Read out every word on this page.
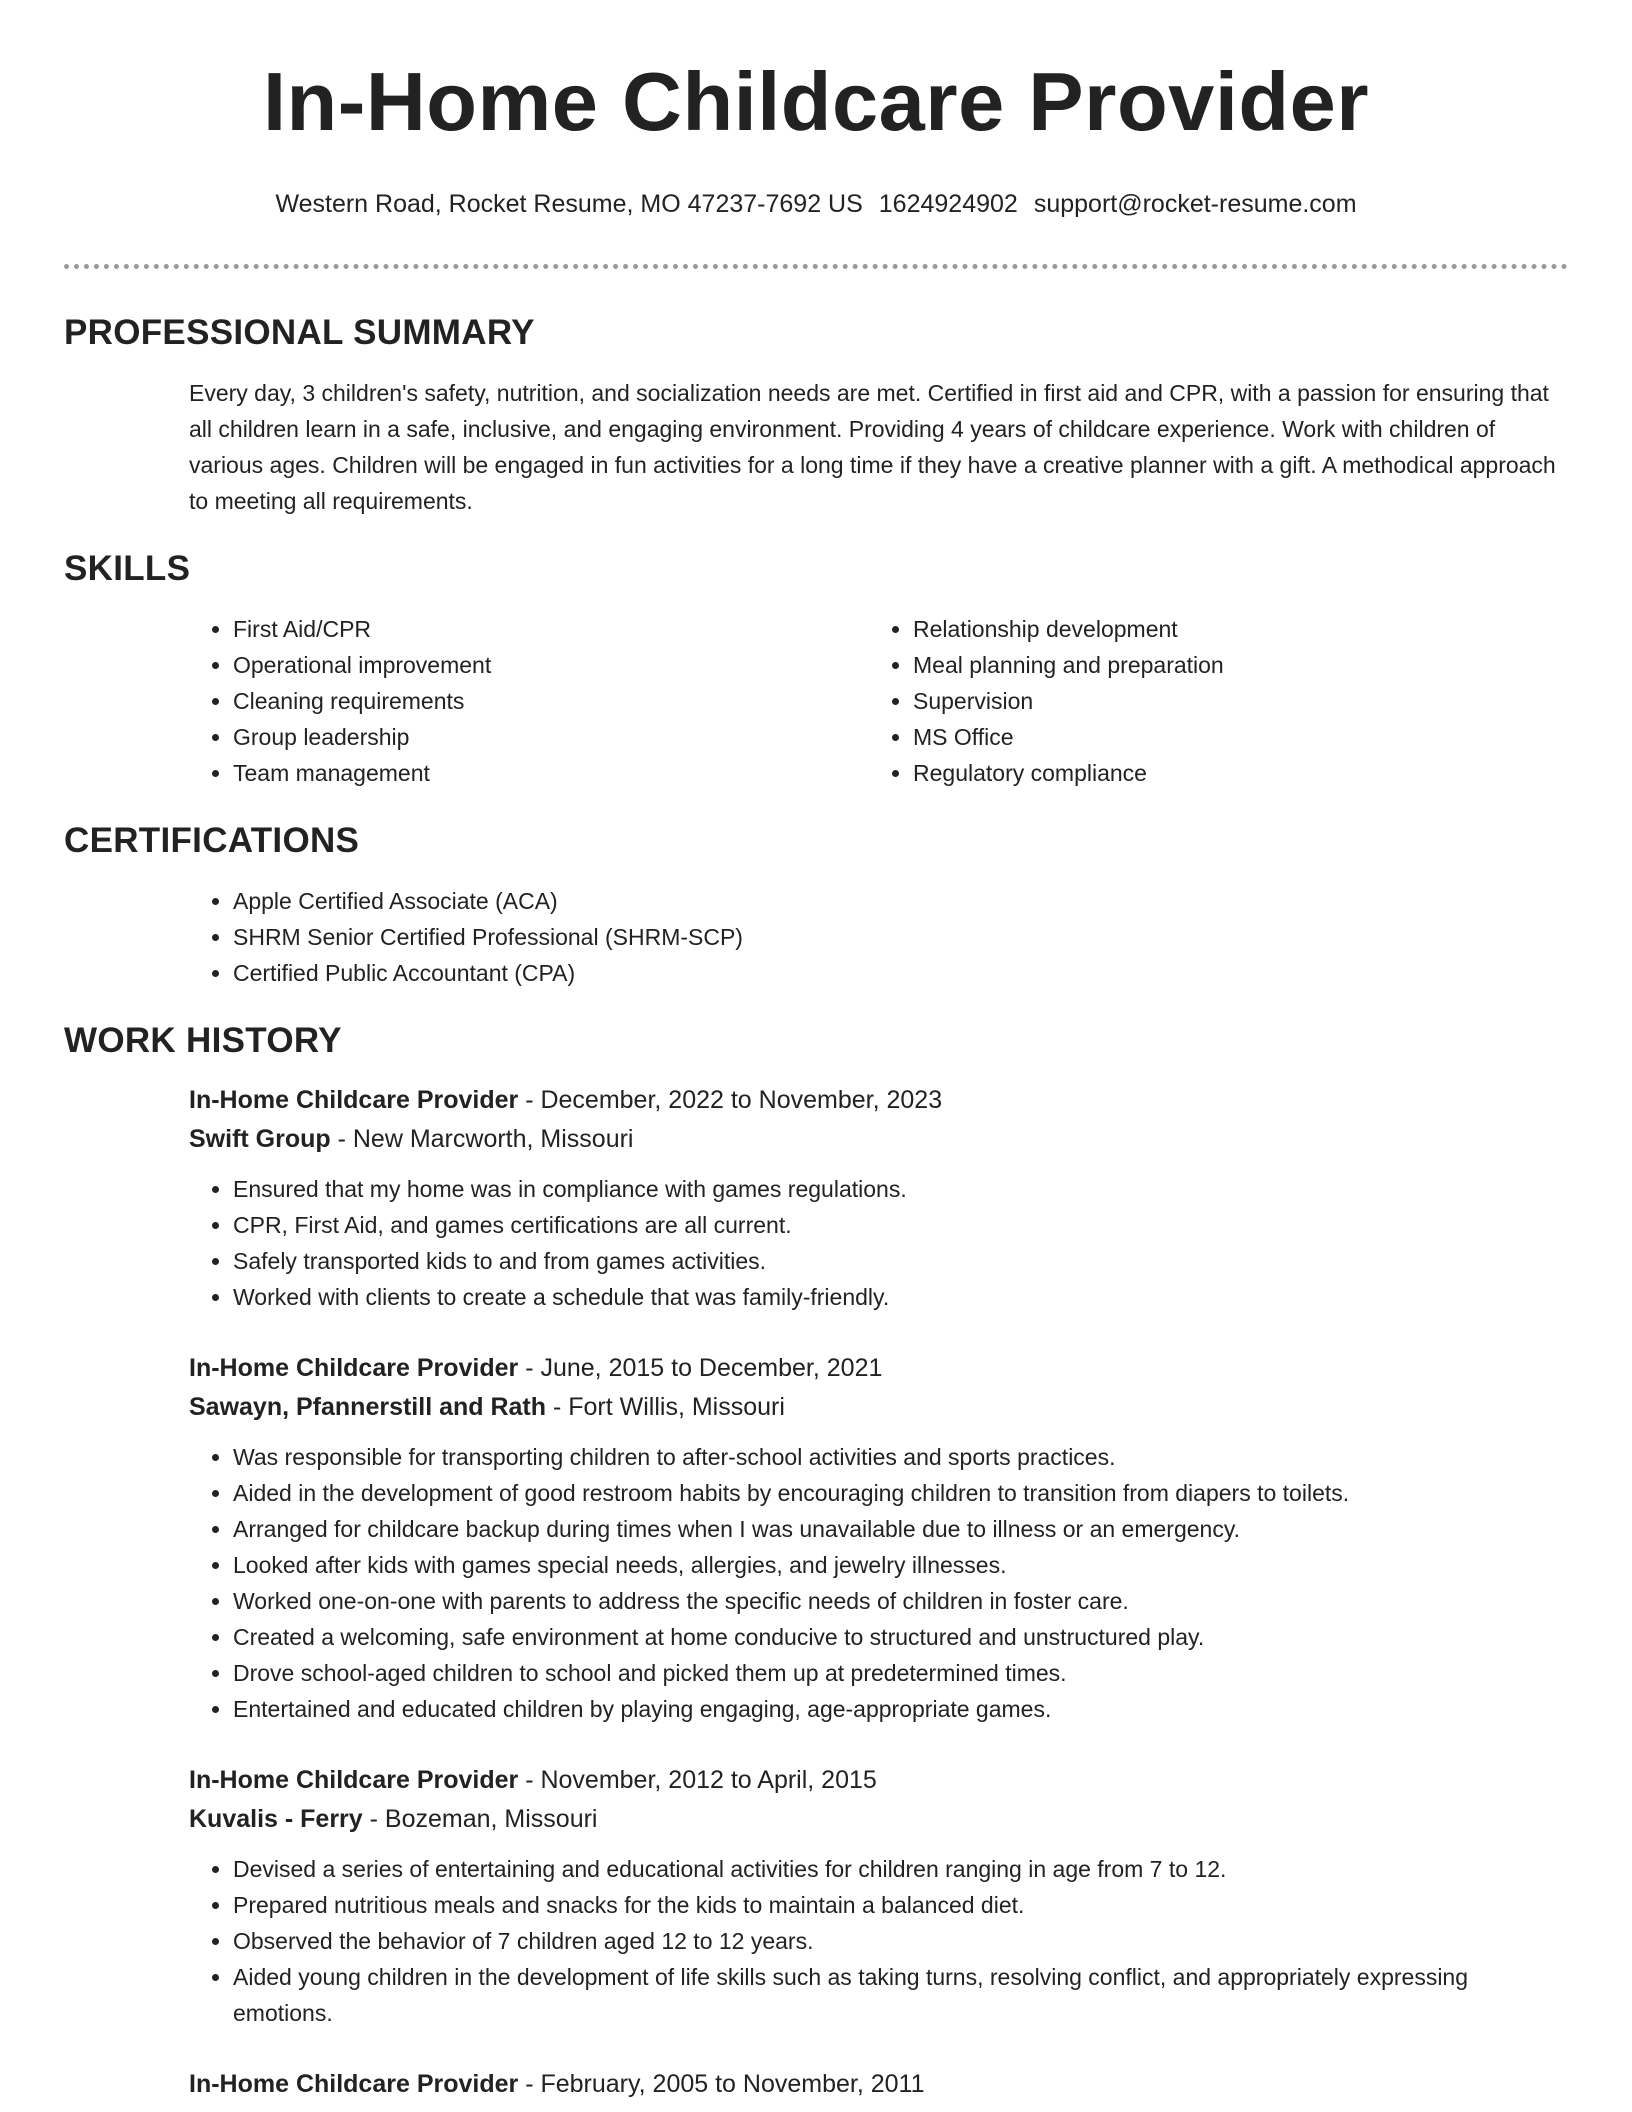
In-Home Childcare Provider
Western Road, Rocket Resume, MO 47237-7692 US 1624924902 support@rocket-resume.com
PROFESSIONAL SUMMARY

Every day, 3 children's safety, nutrition, and socialization needs are met. Certified in first aid and CPR, with a passion for ensuring that all children learn in a safe, inclusive, and engaging environment. Providing 4 years of childcare experience. Work with children of various ages. Children will be engaged in fun activities for a long time if they have a creative planner with a gift. A methodical approach to meeting all requirements.

SKILLS
• First Aid/CPR
• Operational improvement
• Cleaning requirements
• Group leadership
• Team management
• Relationship development
• Meal planning and preparation
• Supervision
• MS Office
• Regulatory compliance
CERTIFICATIONS
• Apple Certified Associate (ACA)
• SHRM Senior Certified Professional (SHRM-SCP)
• Certified Public Accountant (CPA)
WORK HISTORY

In-Home Childcare Provider - December, 2022 to November, 2023

Swift Group - New Marcworth, Missouri

• Ensured that my home was in compliance with games regulations.
• CPR, First Aid, and games certifications are all current.
• Safely transported kids to and from games activities.
• Worked with clients to create a schedule that was family-friendly.

In-Home Childcare Provider - June, 2015 to December, 2021

Sawayn, Pfannerstill and Rath - Fort Willis, Missouri

• Was responsible for transporting children to after-school activities and sports practices.
• Aided in the development of good restroom habits by encouraging children to transition from diapers to toilets.
• Arranged for childcare backup during times when I was unavailable due to illness or an emergency.
• Looked after kids with games special needs, allergies, and jewelry illnesses.
• Worked one-on-one with parents to address the specific needs of children in foster care.
• Created a welcoming, safe environment at home conducive to structured and unstructured play.
• Drove school-aged children to school and picked them up at predetermined times.
• Entertained and educated children by playing engaging, age-appropriate games.

In-Home Childcare Provider - November, 2012 to April, 2015

Kuvalis - Ferry - Bozeman, Missouri

• Devised a series of entertaining and educational activities for children ranging in age from 7 to 12.
• Prepared nutritious meals and snacks for the kids to maintain a balanced diet.
• Observed the behavior of 7 children aged 12 to 12 years.
• Aided young children in the development of life skills such as taking turns, resolving conflict, and appropriately expressing emotions.

In-Home Childcare Provider - February, 2005 to November, 2011
